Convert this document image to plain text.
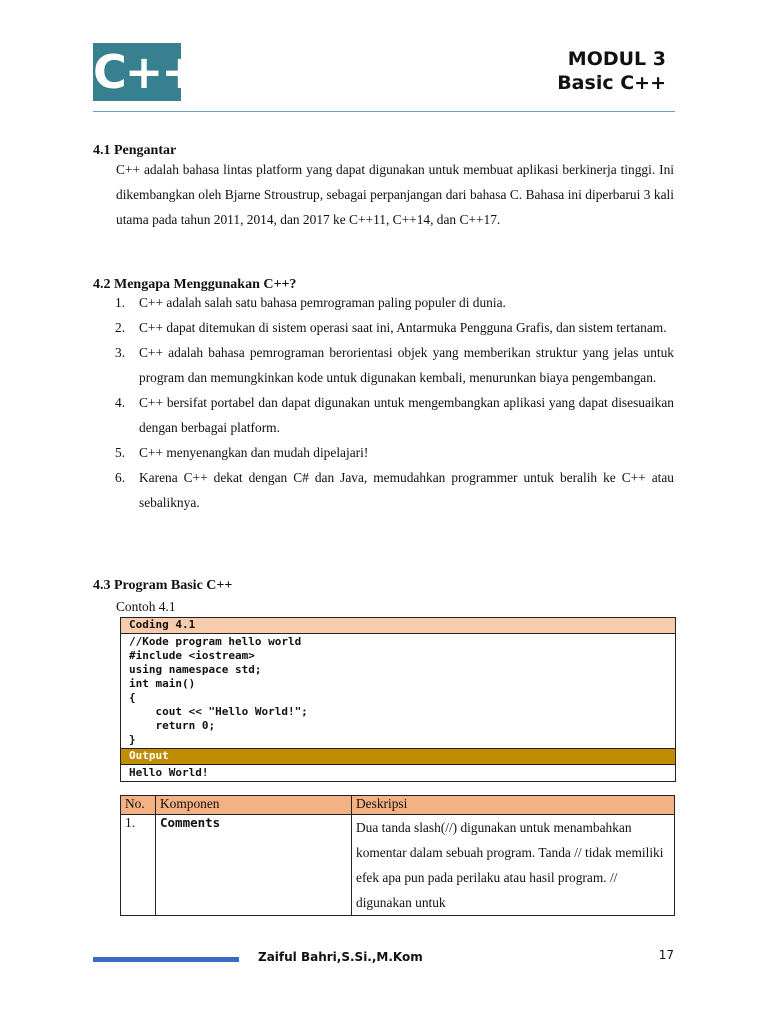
C++	MODUL 3
Basic C++
4.1 Pengantar
C++ adalah bahasa lintas platform yang dapat digunakan untuk membuat aplikasi berkinerja tinggi. Ini dikembangkan oleh Bjarne Stroustrup, sebagai perpanjangan dari bahasa C. Bahasa ini diperbarui 3 kali utama pada tahun 2011, 2014, dan 2017 ke C++11, C++14, dan C++17.
4.2 Mengapa Menggunakan C++?
1. C++ adalah salah satu bahasa pemrograman paling populer di dunia.
2. C++ dapat ditemukan di sistem operasi saat ini, Antarmuka Pengguna Grafis, dan sistem tertanam.
3. C++ adalah bahasa pemrograman berorientasi objek yang memberikan struktur yang jelas untuk program dan memungkinkan kode untuk digunakan kembali, menurunkan biaya pengembangan.
4. C++ bersifat portabel dan dapat digunakan untuk mengembangkan aplikasi yang dapat disesuaikan dengan berbagai platform.
5. C++ menyenangkan dan mudah dipelajari!
6. Karena C++ dekat dengan C# dan Java, memudahkan programmer untuk beralih ke C++ atau sebaliknya.
4.3 Program Basic C++
Contoh 4.1
Coding 4.1
//Kode program hello world
#include <iostream>
using namespace std;
int main()
{
cout << "Hello World!";
return 0;
}
Output
Hello World!
No.	Komponen	Deskripsi
1.	Comments	Dua tanda slash(//) digunakan untuk menambahkan komentar dalam sebuah program. Tanda // tidak memiliki efek apa pun pada perilaku atau hasil program. // digunakan untuk
Zaiful Bahri,S.Si.,M.Kom	17
